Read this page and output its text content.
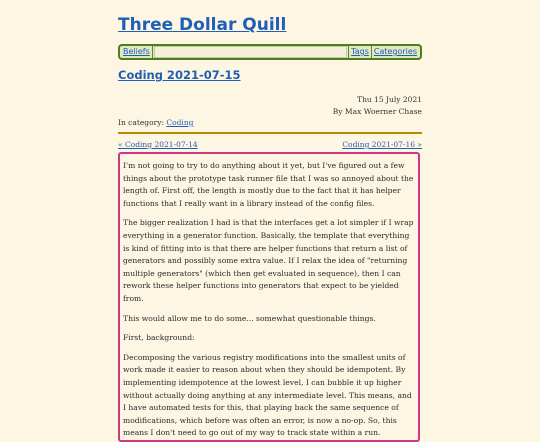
Three Dollar Quill
Beliefs	Tags Categories
Coding 2021-07-15
Thu 15 July 2021
By Max Woerner Chase
In category: Coding
« Coding 2021-07-14	Coding 2021-07-16 »

I'm not going to try to do anything about it yet, but I've figured out a few things about the prototype task runner file that I was so annoyed about the length of. First off, the length is mostly due to the fact that it has helper functions that I really want in a library instead of the config files.

The bigger realization I had is that the interfaces get a lot simpler if I wrap everything in a generator function. Basically, the template that everything is kind of fitting into is that there are helper functions that return a list of generators and possibly some extra value. If I relax the idea of "returning multiple generators" (which then get evaluated in sequence), then I can rework these helper functions into generators that expect to be yielded from.

This would allow me to do some... somewhat questionable things.

First, background:

Decomposing the various registry modifications into the smallest units of work made it easier to reason about when they should be idempotent. By implementing idempotence at the lowest level, I can bubble it up higher without actually doing anything at any intermediate level. This means, and I have automated tests for this, that playing back the same sequence of modifications, which before was often an error, is now a no-op. So, this means I don't need to go out of my way to track state within a run.
